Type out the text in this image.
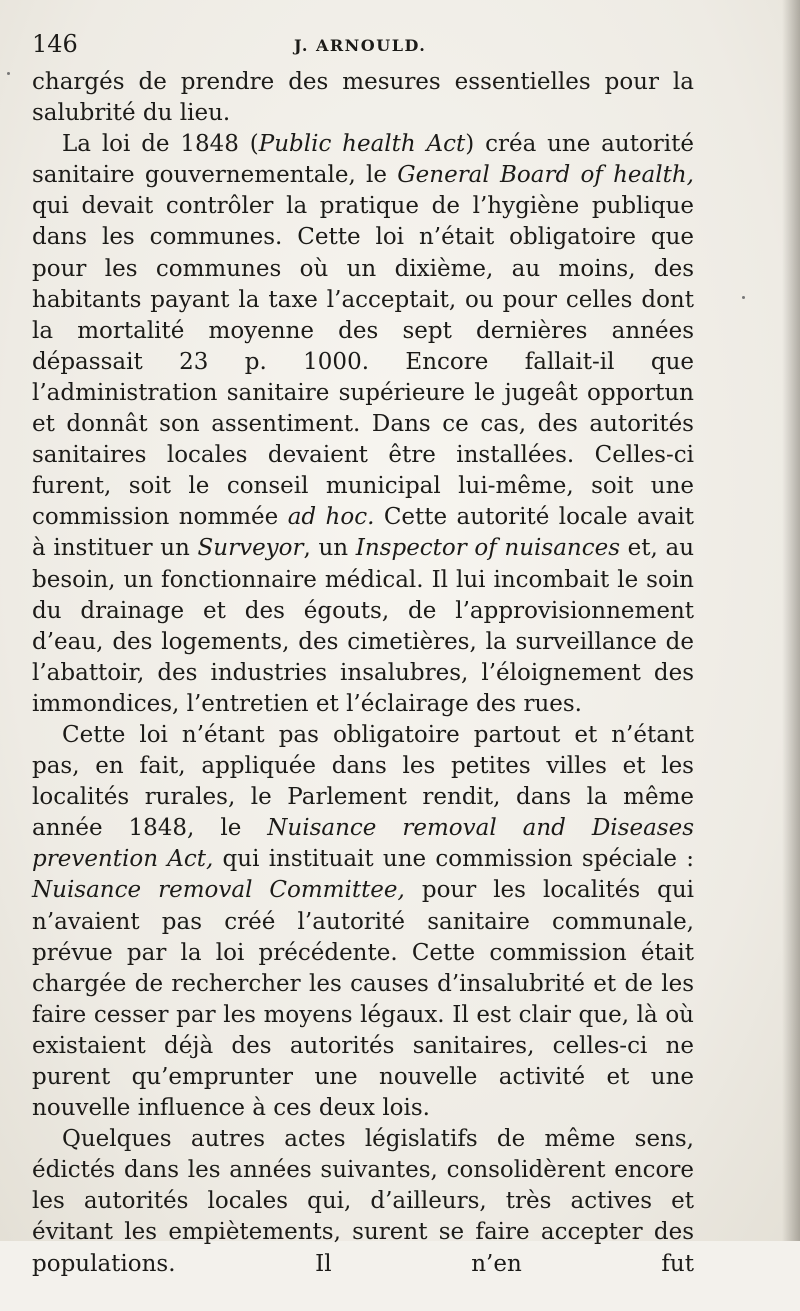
146	J. ARNOULD.

chargés de prendre des mesures essentielles pour la salubrité du lieu.

La loi de 1848 (Public health Act) créa une autorité sanitaire gouvernementale, le General Board of health, qui devait contrôler la pratique de l’hygiène publique dans les communes. Cette loi n’était obligatoire que pour les communes où un dixième, au moins, des habitants payant la taxe l’acceptait, ou pour celles dont la mortalité moyenne des sept dernières années dépassait 23 p. 1000. Encore fallait-il que l’administration sanitaire supérieure le jugeât opportun et donnât son assentiment. Dans ce cas, des autorités sanitaires locales devaient être installées. Celles-ci furent, soit le conseil municipal lui-même, soit une commission nommée ad hoc. Cette autorité locale avait à instituer un Surveyor, un Inspector of nuisances et, au besoin, un fonctionnaire médical. Il lui incombait le soin du drainage et des égouts, de l’approvisionnement d’eau, des logements, des cimetières, la surveillance de l’abattoir, des industries insalubres, l’éloignement des immondices, l’entretien et l’éclairage des rues.

Cette loi n’étant pas obligatoire partout et n’étant pas, en fait, appliquée dans les petites villes et les localités rurales, le Parlement rendit, dans la même année 1848, le Nuisance removal and Diseases prevention Act, qui instituait une commission spéciale : Nuisance removal Committee, pour les localités qui n’avaient pas créé l’autorité sanitaire communale, prévue par la loi précédente. Cette commission était chargée de rechercher les causes d’insalubrité et de les faire cesser par les moyens légaux. Il est clair que, là où existaient déjà des autorités sanitaires, celles-ci ne purent qu’emprunter une nouvelle activité et une nouvelle influence à ces deux lois.

Quelques autres actes législatifs de même sens, édictés dans les années suivantes, consolidèrent encore les autorités locales qui, d’ailleurs, très actives et évitant les empiètements, surent se faire accepter des populations. Il n’en fut
